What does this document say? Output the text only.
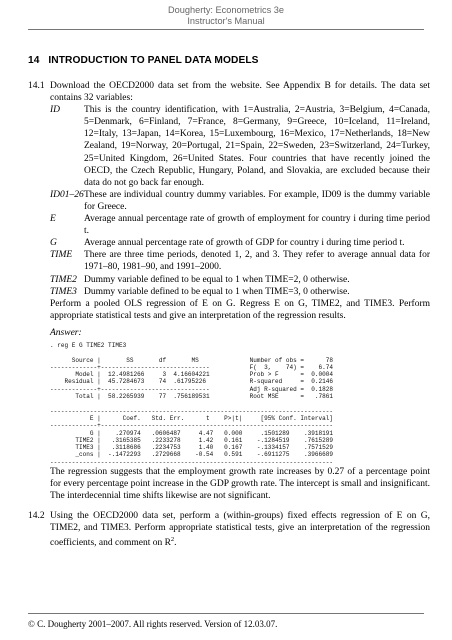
Dougherty: Econometrics 3e
Instructor's Manual
14   INTRODUCTION TO PANEL DATA MODELS
14.1 Download the OECD2000 data set from the website. See Appendix B for details. The data set contains 32 variables:

ID	This is the country identification, with 1=Australia, 2=Austria, 3=Belgium, 4=Canada, 5=Denmark, 6=Finland, 7=France, 8=Germany, 9=Greece, 10=Iceland, 11=Ireland, 12=Italy, 13=Japan, 14=Korea, 15=Luxembourg, 16=Mexico, 17=Netherlands, 18=New Zealand, 19=Norway, 20=Portugal, 21=Spain, 22=Sweden, 23=Switzerland, 24=Turkey, 25=United Kingdom, 26=United States. Four countries that have recently joined the OECD, the Czech Republic, Hungary, Poland, and Slovakia, are excluded because their data do not go back far enough.
ID01–26 These are individual country dummy variables. For example, ID09 is the dummy variable for Greece.
E	Average annual percentage rate of growth of employment for country i during time period t.
G	Average annual percentage rate of growth of GDP for country i during time period t.
TIME	There are three time periods, denoted 1, 2, and 3. They refer to average annual data for 1971–80, 1981–90, and 1991–2000.
TIME2 Dummy variable defined to be equal to 1 when TIME=2, 0 otherwise.
TIME3 Dummy variable defined to be equal to 1 when TIME=3, 0 otherwise.

Perform a pooled OLS regression of E on G. Regress E on G, TIME2, and TIME3. Perform appropriate statistical tests and give an interpretation of the regression results.

Answer:
. reg E G TIME2 TIME3

Source |       SS       df       MS              Number of obs =      78
-------------+------------------------------           F(  3,    74) =    6.74
Model |  12.4981266     3  4.16604221           Prob > F      =  0.0004
Residual |  45.7284673    74  .61795226            R-squared     =  0.2146
-------------+------------------------------           Adj R-squared =  0.1828
Total |  58.2265939    77  .756189531           Root MSE      =   .7861

------------------------------------------------------------------------------
E |      Coef.   Std. Err.      t    P>|t|     [95% Conf. Interval]
-------------+----------------------------------------------------------------
G |    .270974   .0606487     4.47   0.000     .1501289    .3918191
TIME2 |   .3165385   .2233278     1.42   0.161    -.1284519    .7615289
TIME3 |   .3118686   .2234753     1.40   0.167    -.1334157    .7571529
_cons |  -.1472293   .2729668    -0.54   0.591    -.6911275    .3966689
------------------------------------------------------------------------------

The regression suggests that the employment growth rate increases by 0.27 of a percentage point for every percentage point increase in the GDP growth rate. The intercept is small and insignificant. The interdecennial time shifts likewise are not significant.

14.2 Using the OECD2000 data set, perform a (within-groups) fixed effects regression of E on G, TIME2, and TIME3. Perform appropriate statistical tests, give an interpretation of the regression coefficients, and comment on $R^2$.

© C. Dougherty 2001–2007. All rights reserved. Version of 12.03.07.
